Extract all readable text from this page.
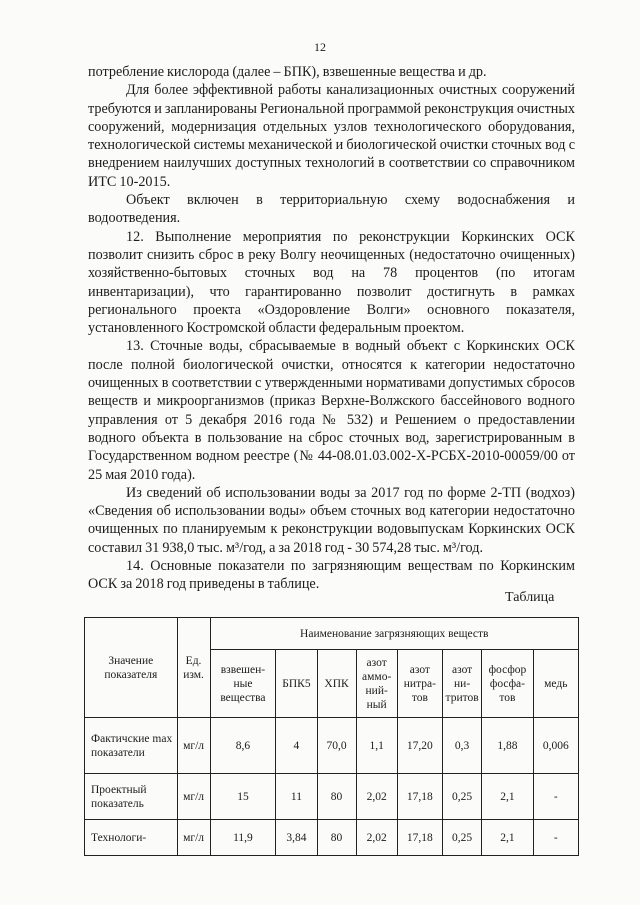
12

потребление кислорода (далее – БПК), взвешенные вещества и др.

Для более эффективной работы канализационных очистных сооружений требуются и запланированы Региональной программой реконструкция очистных сооружений, модернизация отдельных узлов технологического оборудования, технологической системы механической и биологической очистки сточных вод с внедрением наилучших доступных технологий в соответствии со справочником ИТС 10-2015.

Объект включен в территориальную схему водоснабжения и водоотведения.

12. Выполнение мероприятия по реконструкции Коркинских ОСК позволит снизить сброс в реку Волгу неочищенных (недостаточно очищенных) хозяйственно-бытовых сточных вод на 78 процентов (по итогам инвентаризации), что гарантированно позволит достигнуть в рамках регионального проекта «Оздоровление Волги» основного показателя, установленного Костромской области федеральным проектом.

13. Сточные воды, сбрасываемые в водный объект с Коркинских ОСК после полной биологической очистки, относятся к категории недостаточно очищенных в соответствии с утвержденными нормативами допустимых сбросов веществ и микроорганизмов (приказ Верхне-Волжского бассейнового водного управления от 5 декабря 2016 года № 532) и Решением о предоставлении водного объекта в пользование на сброс сточных вод, зарегистрированным в Государственном водном реестре (№ 44-08.01.03.002-Х-РСБХ-2010-00059/00 от 25 мая 2010 года).

Из сведений об использовании воды за 2017 год по форме 2-ТП (водхоз) «Сведения об использовании воды» объем сточных вод категории недостаточно очищенных по планируемым к реконструкции водовыпускам Коркинских ОСК составил 31 938,0 тыс. м³/год, а за 2018 год - 30 574,28 тыс. м³/год.

14. Основные показатели по загрязняющим веществам по Коркинским ОСК за 2018 год приведены в таблице.

Таблица
Значение показателя	Ед. изм.	Наименование загрязняющих веществ							
		взвешен-ные вещества	БПК5	ХПК	азот аммо-ний-ный	азот нитра-тов	азот ни-тритов	фосфор фосфа-тов	медь
Фактичские max показатели	мг/л	8,6	4	70,0	1,1	17,20	0,3	1,88	0,006
Проектный показатель	мг/л	15	11	80	2,02	17,18	0,25	2,1	-
Технологи-	мг/л	11,9	3,84	80	2,02	17,18	0,25	2,1	-
